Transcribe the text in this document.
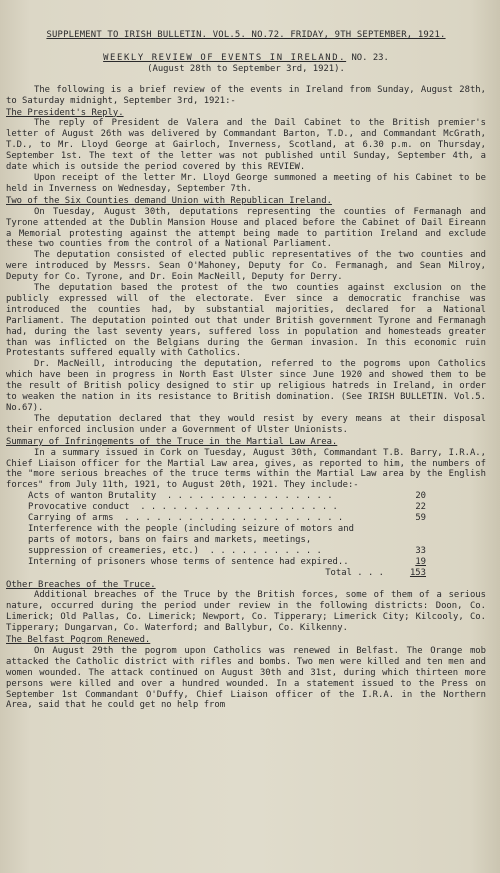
SUPPLEMENT TO IRISH BULLETIN. VOL.5. NO.72. FRIDAY, 9TH SEPTEMBER, 1921.

WEEKLY REVIEW OF EVENTS IN IRELAND. NO. 23.

(August 28th to September 3rd, 1921).

The following is a brief review of the events in Ireland from Sunday, August 28th, to Saturday midnight, September 3rd, 1921:-

The President's Reply.

The reply of President de Valera and the Dail Cabinet to the British premier's letter of August 26th was delivered by Commandant Barton, T.D., and Commandant McGrath, T.D., to Mr. Lloyd George at Gairloch, Inverness, Scotland, at 6.30 p.m. on Thursday, September 1st. The text of the letter was not published until Sunday, September 4th, a date which is outside the period covered by this REVIEW.

Upon receipt of the letter Mr. Lloyd George summoned a meeting of his Cabinet to be held in Inverness on Wednesday, September 7th.

Two of the Six Counties demand Union with Republican Ireland.

On Tuesday, August 30th, deputations representing the counties of Fermanagh and Tyrone attended at the Dublin Mansion House and placed before the Cabinet of Dail Eireann a Memorial protesting against the attempt being made to partition Ireland and exclude these two counties from the control of a National Parliament.

The deputation consisted of elected public representatives of the two counties and were introduced by Messrs. Sean O'Mahoney, Deputy for Co. Fermanagh, and Sean Milroy, Deputy for Co. Tyrone, and Dr. Eoin MacNeill, Deputy for Derry.

The deputation based the protest of the two counties against exclusion on the publicly expressed will of the electorate. Ever since a democratic franchise was introduced the counties had, by substantial majorities, declared for a National Parliament. The deputation pointed out that under British government Tyrone and Fermanagh had, during the last seventy years, suffered loss in population and homesteads greater than was inflicted on the Belgians during the German invasion. In this economic ruin Protestants suffered equally with Catholics.

Dr. MacNeill, introducing the deputation, referred to the pogroms upon Catholics which have been in progress in North East Ulster since June 1920 and showed them to be the result of British policy designed to stir up religious hatreds in Ireland, in order to weaken the nation in its resistance to British domination. (See IRISH BULLETIN. Vol.5. No.67).

The deputation declared that they would resist by every means at their disposal their enforced inclusion under a Government of Ulster Unionists.

Summary of Infringements of the Truce in the Martial Law Area.

In a summary issued in Cork on Tuesday, August 30th, Commandant T.B. Barry, I.R.A., Chief Liaison officer for the Martial Law area, gives, as reported to him, the numbers of the "more serious breaches of the truce terms within the Martial Law area by the English forces" from July 11th, 1921, to August 20th, 1921. They include:-

Acts of wanton Brutality  . . . . . . . . . . . . . . . .	20
Provocative conduct  . . . . . . . . . . . . . . . . . . .	22
Carrying of arms  . . . . . . . . . . . . . . . . . . . . .	59
Interference with the people (including seizure of motors and
parts of motors, bans on fairs and markets, meetings,
suppression of creameries, etc.)  . . . . . . . . . . .	33
Interning of prisoners whose terms of sentence had expired..	19
Total . . .	153
Other Breaches of the Truce.

Additional breaches of the Truce by the British forces, some of them of a serious nature, occurred during the period under review in the following districts: Doon, Co. Limerick; Old Pallas, Co. Limerick; Newport, Co. Tipperary; Limerick City; Kilcooly, Co. Tipperary; Dungarvan, Co. Waterford; and Ballybur, Co. Kilkenny.

The Belfast Pogrom Renewed.

On August 29th the pogrom upon Catholics was renewed in Belfast. The Orange mob attacked the Catholic district with rifles and bombs. Two men were killed and ten men and women wounded. The attack continued on August 30th and 31st, during which thirteen more persons were killed and over a hundred wounded. In a statement issued to the Press on September 1st Commandant O'Duffy, Chief Liaison officer of the I.R.A. in the Northern Area, said that he could get no help from
